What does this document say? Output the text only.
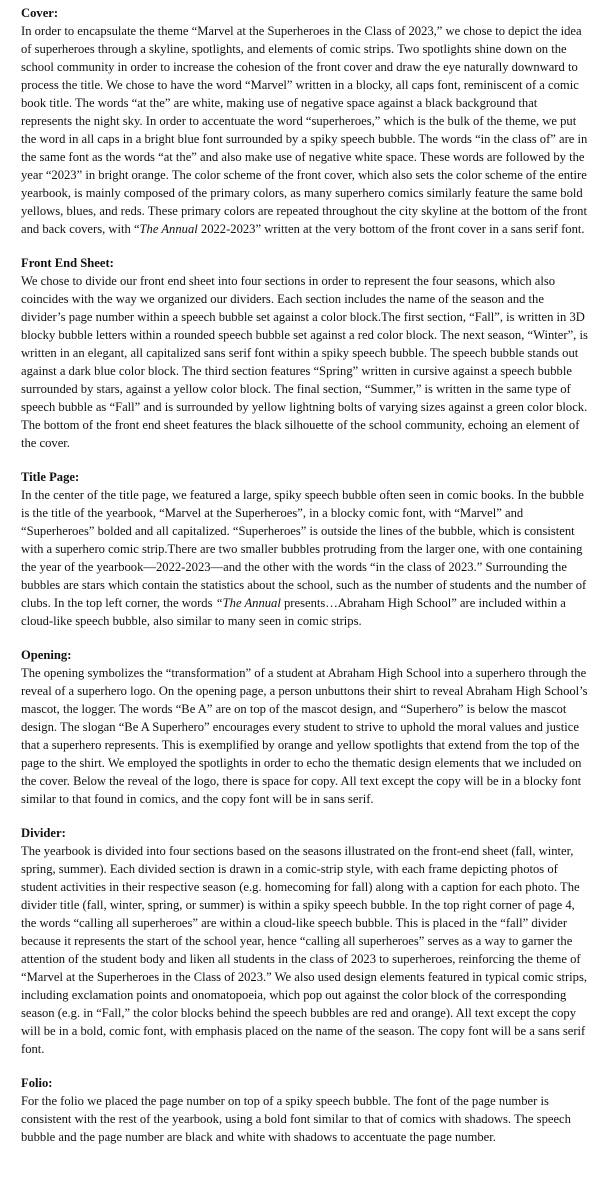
Cover:

In order to encapsulate the theme “Marvel at the Superheroes in the Class of 2023,” we chose to depict the idea of superheroes through a skyline, spotlights, and elements of comic strips. Two spotlights shine down on the school community in order to increase the cohesion of the front cover and draw the eye naturally downward to process the title. We chose to have the word “Marvel” written in a blocky, all caps font, reminiscent of a comic book title. The words “at the” are white, making use of negative space against a black background that represents the night sky. In order to accentuate the word “superheroes,” which is the bulk of the theme, we put the word in all caps in a bright blue font surrounded by a spiky speech bubble. The words “in the class of” are in the same font as the words “at the” and also make use of negative white space. These words are followed by the year “2023” in bright orange. The color scheme of the front cover, which also sets the color scheme of the entire yearbook, is mainly composed of the primary colors, as many superhero comics similarly feature the same bold yellows, blues, and reds. These primary colors are repeated throughout the city skyline at the bottom of the front and back covers, with “The Annual 2022-2023” written at the very bottom of the front cover in a sans serif font.

Front End Sheet:

We chose to divide our front end sheet into four sections in order to represent the four seasons, which also coincides with the way we organized our dividers. Each section includes the name of the season and the divider’s page number within a speech bubble set against a color block.The first section, “Fall”, is written in 3D blocky bubble letters within a rounded speech bubble set against a red color block. The next season, “Winter”, is written in an elegant, all capitalized sans serif font within a spiky speech bubble. The speech bubble stands out against a dark blue color block. The third section features “Spring” written in cursive against a speech bubble surrounded by stars, against a yellow color block. The final section, “Summer,” is written in the same type of speech bubble as “Fall” and is surrounded by yellow lightning bolts of varying sizes against a green color block. The bottom of the front end sheet features the black silhouette of the school community, echoing an element of the cover.

Title Page:

In the center of the title page, we featured a large, spiky speech bubble often seen in comic books. In the bubble is the title of the yearbook, “Marvel at the Superheroes”, in a blocky comic font, with “Marvel” and “Superheroes” bolded and all capitalized. “Superheroes” is outside the lines of the bubble, which is consistent with a superhero comic strip.There are two smaller bubbles protruding from the larger one, with one containing the year of the yearbook—2022-2023—and the other with the words “in the class of 2023.” Surrounding the bubbles are stars which contain the statistics about the school, such as the number of students and the number of clubs. In the top left corner, the words “The Annual presents…Abraham High School” are included within a cloud-like speech bubble, also similar to many seen in comic strips.

Opening:

The opening symbolizes the “transformation” of a student at Abraham High School into a superhero through the reveal of a superhero logo. On the opening page, a person unbuttons their shirt to reveal Abraham High School’s mascot, the logger. The words “Be A” are on top of the mascot design, and “Superhero” is below the mascot design. The slogan “Be A Superhero” encourages every student to strive to uphold the moral values and justice that a superhero represents. This is exemplified by orange and yellow spotlights that extend from the top of the page to the shirt. We employed the spotlights in order to echo the thematic design elements that we included on the cover. Below the reveal of the logo, there is space for copy. All text except the copy will be in a blocky font similar to that found in comics, and the copy font will be in sans serif.

Divider:

The yearbook is divided into four sections based on the seasons illustrated on the front-end sheet (fall, winter, spring, summer). Each divided section is drawn in a comic-strip style, with each frame depicting photos of student activities in their respective season (e.g. homecoming for fall) along with a caption for each photo. The divider title (fall, winter, spring, or summer) is within a spiky speech bubble. In the top right corner of page 4, the words “calling all superheroes” are within a cloud-like speech bubble. This is placed in the “fall” divider because it represents the start of the school year, hence “calling all superheroes” serves as a way to garner the attention of the student body and liken all students in the class of 2023 to superheroes, reinforcing the theme of “Marvel at the Superheroes in the Class of 2023.” We also used design elements featured in typical comic strips, including exclamation points and onomatopoeia, which pop out against the color block of the corresponding season (e.g. in “Fall,” the color blocks behind the speech bubbles are red and orange). All text except the copy will be in a bold, comic font, with emphasis placed on the name of the season. The copy font will be a sans serif font.

Folio:

For the folio we placed the page number on top of a spiky speech bubble. The font of the page number is consistent with the rest of the yearbook, using a bold font similar to that of comics with shadows. The speech bubble and the page number are black and white with shadows to accentuate the page number.
